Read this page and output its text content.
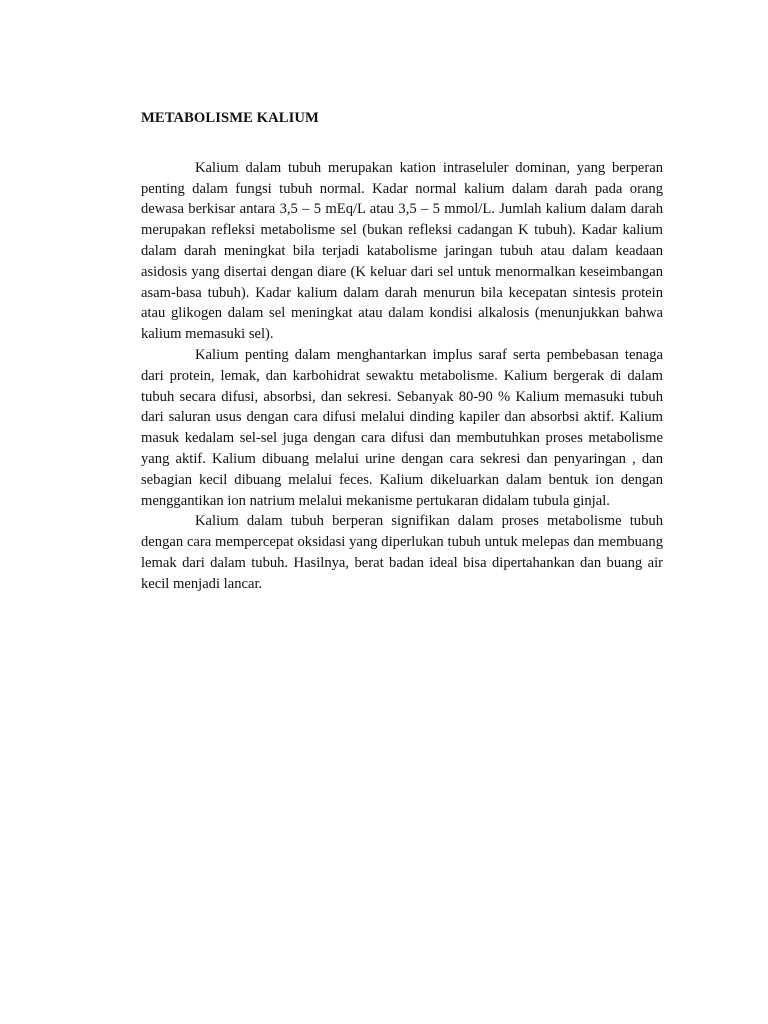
METABOLISME KALIUM

Kalium dalam tubuh merupakan kation intraseluler dominan, yang berperan penting dalam fungsi tubuh normal. Kadar normal kalium dalam darah pada orang dewasa berkisar antara 3,5 – 5 mEq/L atau 3,5 – 5 mmol/L. Jumlah kalium dalam darah merupakan refleksi metabolisme sel (bukan refleksi cadangan K tubuh). Kadar kalium dalam darah meningkat bila terjadi katabolisme jaringan tubuh atau dalam keadaan asidosis yang disertai dengan diare (K keluar dari sel untuk menormalkan keseimbangan asam-basa tubuh). Kadar kalium dalam darah menurun bila kecepatan sintesis protein atau glikogen dalam sel meningkat atau dalam kondisi alkalosis (menunjukkan bahwa kalium memasuki sel).

Kalium penting dalam menghantarkan implus saraf serta pembebasan tenaga dari protein, lemak, dan karbohidrat sewaktu metabolisme. Kalium bergerak di dalam tubuh secara difusi, absorbsi, dan sekresi. Sebanyak 80-90 % Kalium memasuki tubuh dari saluran usus dengan cara difusi melalui dinding kapiler dan absorbsi aktif. Kalium masuk kedalam sel-sel juga dengan cara difusi dan membutuhkan proses metabolisme yang aktif. Kalium dibuang melalui urine dengan cara sekresi dan penyaringan , dan sebagian kecil dibuang melalui feces. Kalium dikeluarkan dalam bentuk ion dengan menggantikan ion natrium melalui mekanisme pertukaran didalam tubula ginjal.

Kalium dalam tubuh berperan signifikan dalam proses metabolisme tubuh dengan cara mempercepat oksidasi yang diperlukan tubuh untuk melepas dan membuang lemak dari dalam tubuh. Hasilnya, berat badan ideal bisa dipertahankan dan buang air kecil menjadi lancar.
